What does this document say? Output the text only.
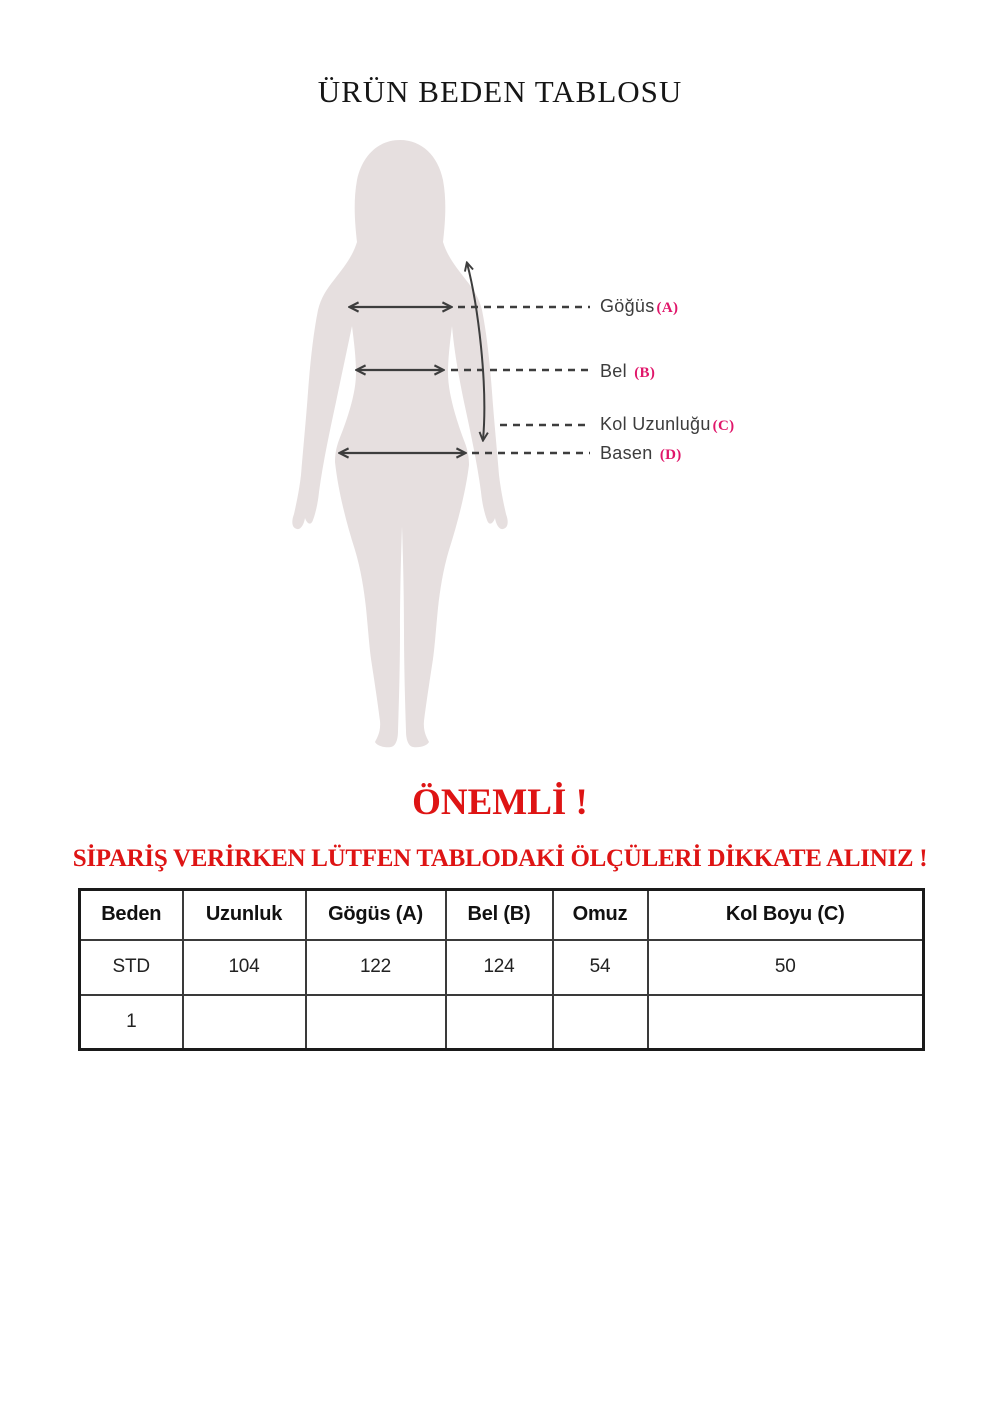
ÜRÜN BEDEN TABLOSU
Göğüs (A)
Bel (B)
Kol Uzunluğu (C)
Basen (D)
ÖNEMLİ !
SİPARİŞ VERİRKEN LÜTFEN TABLODAKİ ÖLÇÜLERİ DİKKATE ALINIZ !
Beden	Uzunluk	Gögüs (A)	Bel (B)	Omuz	Kol Boyu (C)
STD	104	122	124	54	50
1					
